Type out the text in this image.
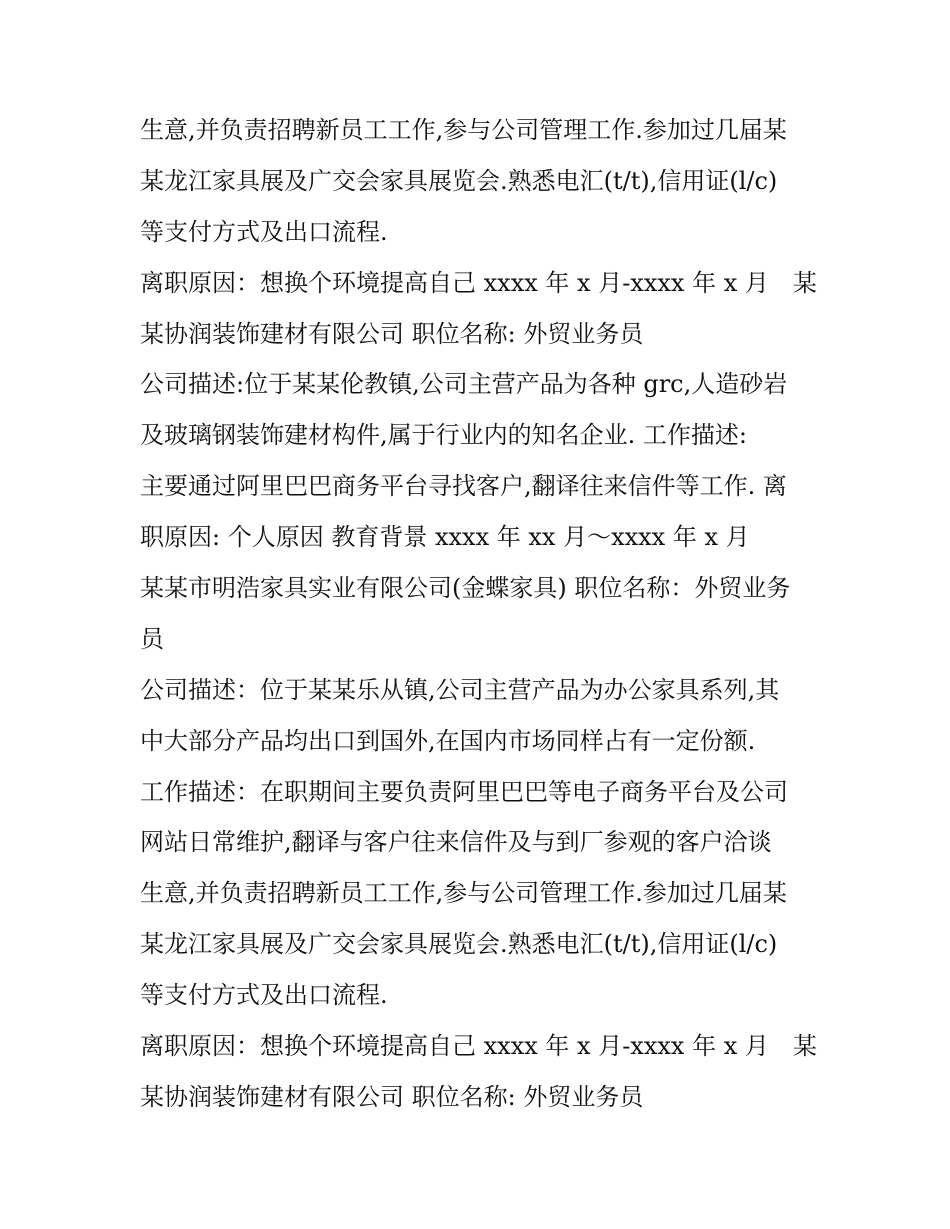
生意,并负责招聘新员工工作,参与公司管理工作.参加过几届某
某龙江家具展及广交会家具展览会.熟悉电汇(t/t),信用证(l/c)
等支付方式及出口流程.
离职原因：想换个环境提高自己 xxxx 年 x 月-xxxx 年 x 月　某
某协润装饰建材有限公司 职位名称: 外贸业务员
公司描述:位于某某伦教镇,公司主营产品为各种 grc,人造砂岩
及玻璃钢装饰建材构件,属于行业内的知名企业. 工作描述:
主要通过阿里巴巴商务平台寻找客户,翻译往来信件等工作. 离
职原因: 个人原因 教育背景 xxxx 年 xx 月～xxxx 年 x 月
某某市明浩家具实业有限公司(金蝶家具) 职位名称：外贸业务
员
公司描述：位于某某乐从镇,公司主营产品为办公家具系列,其
中大部分产品均出口到国外,在国内市场同样占有一定份额.
工作描述：在职期间主要负责阿里巴巴等电子商务平台及公司
网站日常维护,翻译与客户往来信件及与到厂参观的客户洽谈
生意,并负责招聘新员工工作,参与公司管理工作.参加过几届某
某龙江家具展及广交会家具展览会.熟悉电汇(t/t),信用证(l/c)
等支付方式及出口流程.
离职原因：想换个环境提高自己 xxxx 年 x 月-xxxx 年 x 月　某
某协润装饰建材有限公司 职位名称: 外贸业务员
